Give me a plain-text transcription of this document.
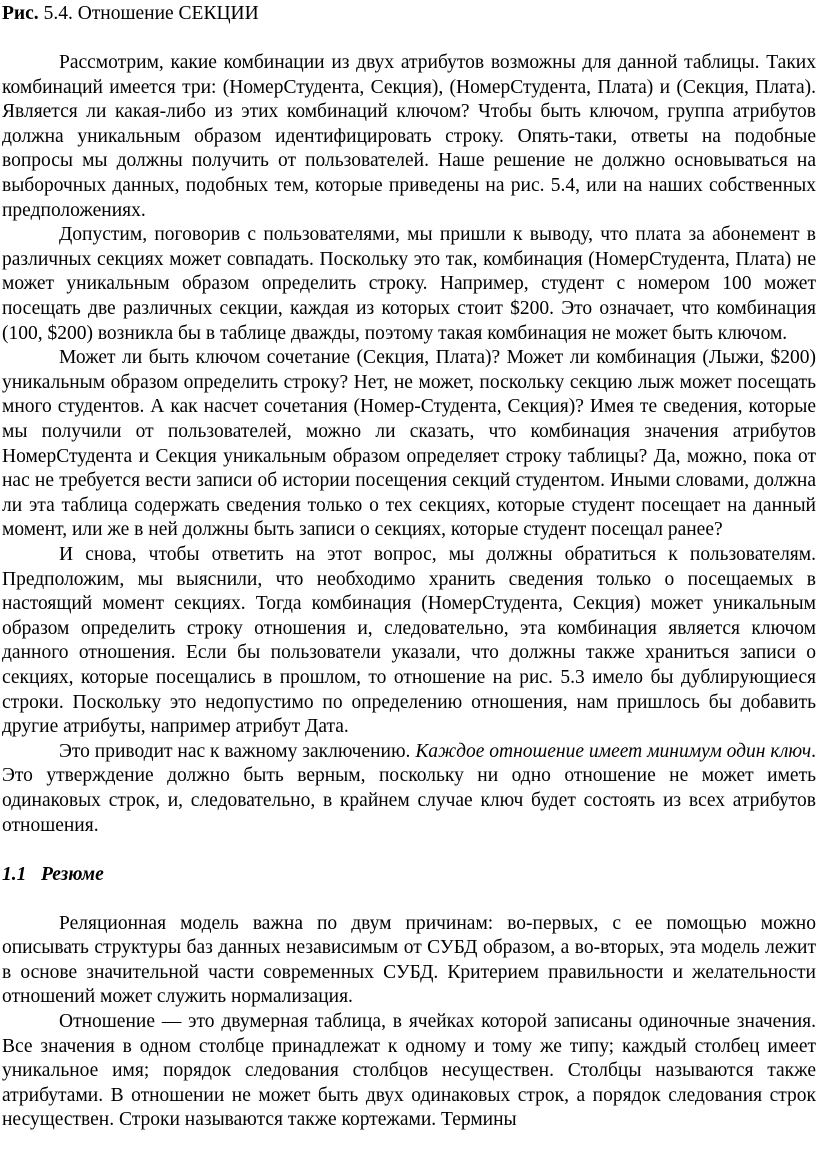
Рис. 5.4. Отношение СЕКЦИИ

Рассмотрим, какие комбинации из двух атрибутов возможны для данной таблицы. Таких комбинаций имеется три: (НомерСтудента, Секция), (НомерСтудента, Плата) и (Секция, Плата). Является ли какая-либо из этих комбинаций ключом? Чтобы быть ключом, группа атрибутов должна уникальным образом идентифицировать строку. Опять-таки, ответы на подобные вопросы мы должны получить от пользователей. Наше решение не должно основываться на выборочных данных, подобных тем, которые приведены на рис. 5.4, или на наших собственных предположениях.

Допустим, поговорив с пользователями, мы пришли к выводу, что плата за абонемент в различных секциях может совпадать. Поскольку это так, комбинация (НомерСтудента, Плата) не может уникальным образом определить строку. Например, студент с номером 100 может посещать две различных секции, каждая из которых стоит $200. Это означает, что комбинация (100, $200) возникла бы в таблице дважды, поэтому такая комбинация не может быть ключом.

Может ли быть ключом сочетание (Секция, Плата)? Может ли комбинация (Лыжи, $200) уникальным образом определить строку? Нет, не может, поскольку секцию лыж может посещать много студентов. А как насчет сочетания (Номер-Студента, Секция)? Имея те сведения, которые мы получили от пользователей, можно ли сказать, что комбинация значения атрибутов НомерСтудента и Секция уникальным образом определяет строку таблицы? Да, можно, пока от нас не требуется вести записи об истории посещения секций студентом. Иными словами, должна ли эта таблица содержать сведения только о тех секциях, которые студент посещает на данный момент, или же в ней должны быть записи о секциях, которые студент посещал ранее?

И снова, чтобы ответить на этот вопрос, мы должны обратиться к пользователям. Предположим, мы выяснили, что необходимо хранить сведения только о посещаемых в настоящий момент секциях. Тогда комбинация (НомерСтудента, Секция) может уникальным образом определить строку отношения и, следовательно, эта комбинация является ключом данного отношения. Если бы пользователи указали, что должны также храниться записи о секциях, которые посещались в прошлом, то отношение на рис. 5.3 имело бы дублирующиеся строки. Поскольку это недопустимо по определению отношения, нам пришлось бы добавить другие атрибуты, например атрибут Дата.

Это приводит нас к важному заключению. Каждое отношение имеет минимум один ключ. Это утверждение должно быть верным, поскольку ни одно отношение не может иметь одинаковых строк, и, следовательно, в крайнем случае ключ будет состоять из всех атрибутов отношения.

1.1 Резюме

Реляционная модель важна по двум причинам: во-первых, с ее помощью можно описывать структуры баз данных независимым от СУБД образом, а во-вторых, эта модель лежит в основе значительной части современных СУБД. Критерием правильности и желательности отношений может служить нормализация.

Отношение — это двумерная таблица, в ячейках которой записаны одиночные значения. Все значения в одном столбце принадлежат к одному и тому же типу; каждый столбец имеет уникальное имя; порядок следования столбцов несуществен. Столбцы называются также атрибутами. В отношении не может быть двух одинаковых строк, а порядок следования строк несуществен. Строки называются также кортежами. Термины
